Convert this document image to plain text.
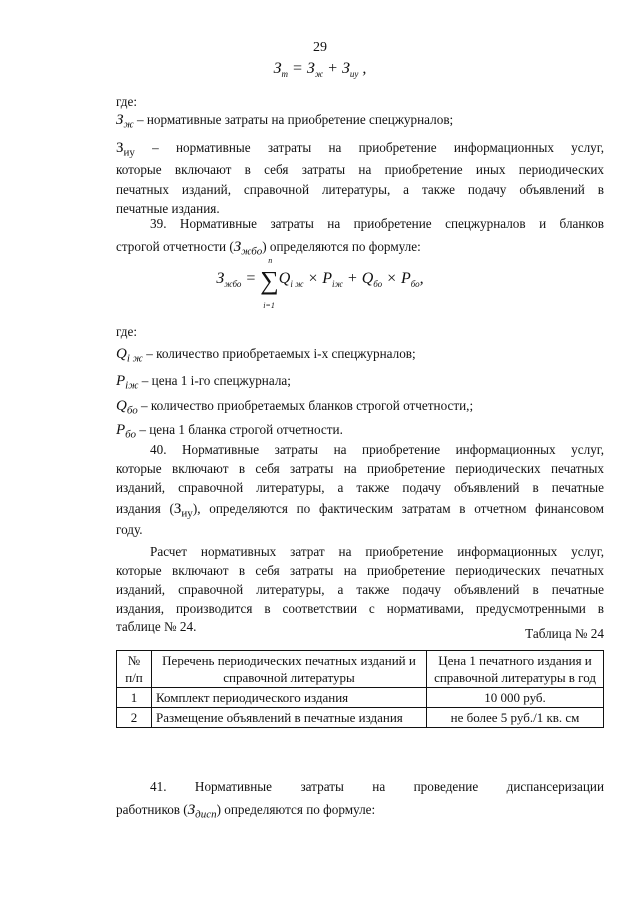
29
$З_т = З_ж + З_{иу}$ ,
где:
$З_ж$ – нормативные затраты на приобретение спецжурналов;
$З_{иу}$ – нормативные затраты на приобретение информационных услуг,
которые включают в себя затраты на приобретение иных периодических
печатных изданий, справочной литературы, а также подачу объявлений в
печатные издания.
39. Нормативные затраты на приобретение спецжурналов и бланков
строгой отчетности $(З_{жбо})$ определяются по формуле:
$З_{жбо}$ = ∑
n
i=1
$Q_{i ж} \times P_{iж} + Q_{бо} \times P_{бо}$,
где:
$Q_{i ж}$ – количество приобретаемых i-х спецжурналов;
$P_{iж}$ – цена 1 i-го спецжурнала;
$Q_{бо}$ – количество приобретаемых бланков строгой отчетности,;
$P_{бо}$ – цена 1 бланка строгой отчетности.
40. Нормативные затраты на приобретение информационных услуг,
которые включают в себя затраты на приобретение периодических печатных
изданий, справочной литературы, а также подачу объявлений в печатные
издания $(З_{иу})$, определяются по фактическим затратам в отчетном финансовом
году.
Расчет нормативных затрат на приобретение информационных услуг,
которые включают в себя затраты на приобретение периодических печатных
изданий, справочной литературы, а также подачу объявлений в печатные
издания, производится в соответствии с нормативами, предусмотренными в
таблице № 24.	Таблица № 24
№ п/п	Перечень периодических печатных изданий и справочной литературы	Цена 1 печатного издания и справочной литературы в год
1	Комплект периодического издания	10 000 руб.
2	Размещение объявлений в печатные издания	не более 5 руб./1 кв. см
41. Нормативные затраты на проведение диспансеризации
работников $(З_{дисп})$ определяются по формуле:
